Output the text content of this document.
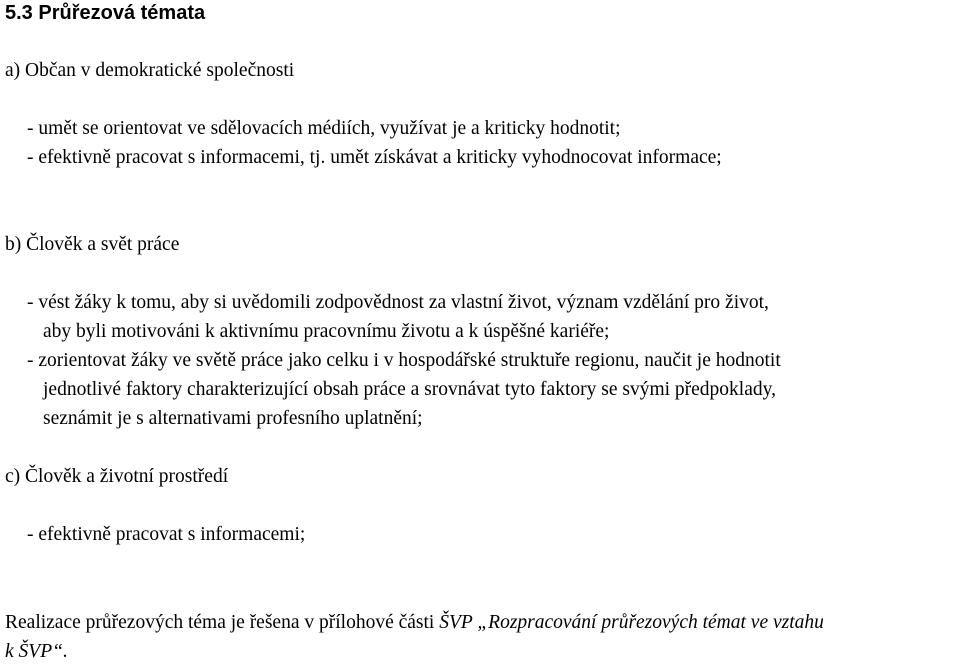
5.3 Průřezová témata

a) Občan v demokratické společnosti

- umět se orientovat ve sdělovacích médiích, využívat je a kriticky hodnotit;

- efektivně pracovat s informacemi, tj. umět získávat a kriticky vyhodnocovat informace;

b) Člověk a svět práce

- vést žáky k tomu, aby si uvědomili zodpovědnost za vlastní život, význam vzdělání pro život,

aby byli motivováni k aktivnímu pracovnímu životu a k úspěšné kariéře;

- zorientovat žáky ve světě práce jako celku i v hospodářské struktuře regionu, naučit je hodnotit

jednotlivé faktory charakterizující obsah práce a srovnávat tyto faktory se svými předpoklady,

seznámit je s alternativami profesního uplatnění;

c) Člověk a životní prostředí

- efektivně pracovat s informacemi;

Realizace průřezových téma je řešena v přílohové části ŠVP „Rozpracování průřezových témat ve vztahu

k ŠVP“.
